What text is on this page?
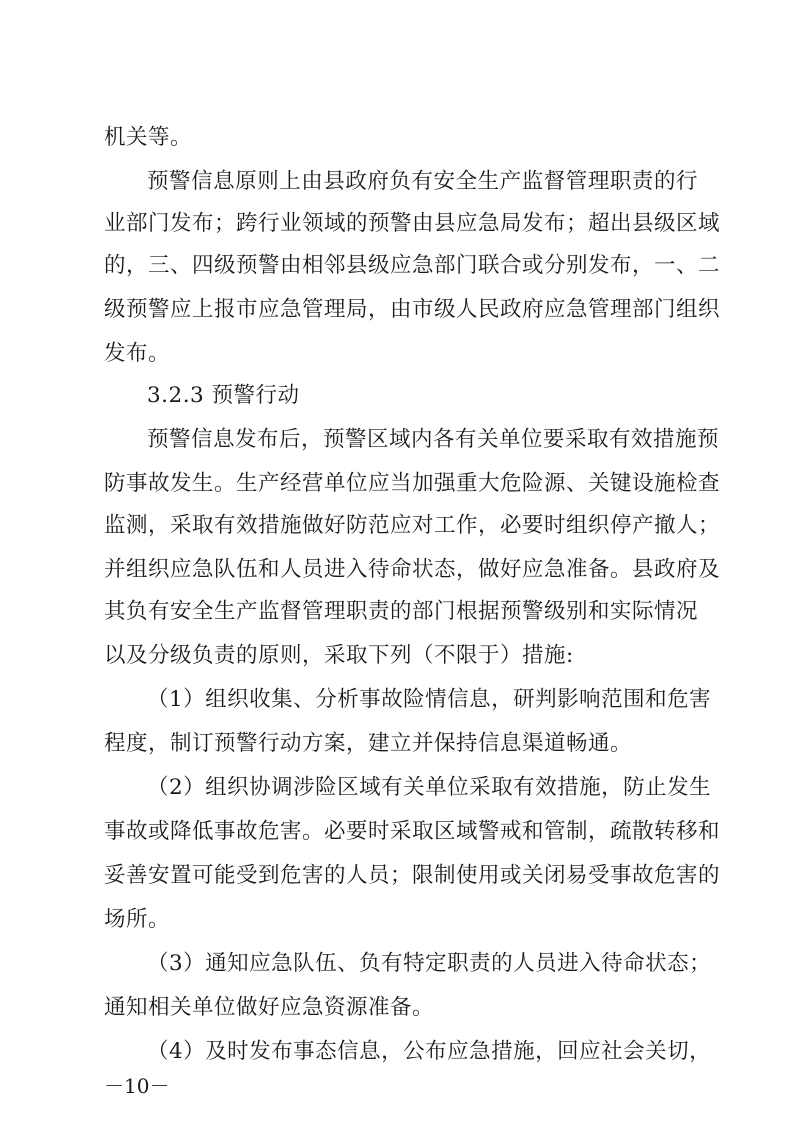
机关等。
预警信息原则上由县政府负有安全生产监督管理职责的行
业部门发布；跨行业领域的预警由县应急局发布；超出县级区域
的，三、四级预警由相邻县级应急部门联合或分别发布，一、二
级预警应上报市应急管理局，由市级人民政府应急管理部门组织
发布。
3.2.3 预警行动
预警信息发布后，预警区域内各有关单位要采取有效措施预
防事故发生。生产经营单位应当加强重大危险源、关键设施检查
监测，采取有效措施做好防范应对工作，必要时组织停产撤人；
并组织应急队伍和人员进入待命状态，做好应急准备。县政府及
其负有安全生产监督管理职责的部门根据预警级别和实际情况
以及分级负责的原则，采取下列（不限于）措施:
（1）组织收集、分析事故险情信息，研判影响范围和危害
程度，制订预警行动方案，建立并保持信息渠道畅通。
（2）组织协调涉险区域有关单位采取有效措施，防止发生
事故或降低事故危害。必要时采取区域警戒和管制，疏散转移和
妥善安置可能受到危害的人员；限制使用或关闭易受事故危害的
场所。
（3）通知应急队伍、负有特定职责的人员进入待命状态；
通知相关单位做好应急资源准备。
（4）及时发布事态信息，公布应急措施，回应社会关切，
－10－
